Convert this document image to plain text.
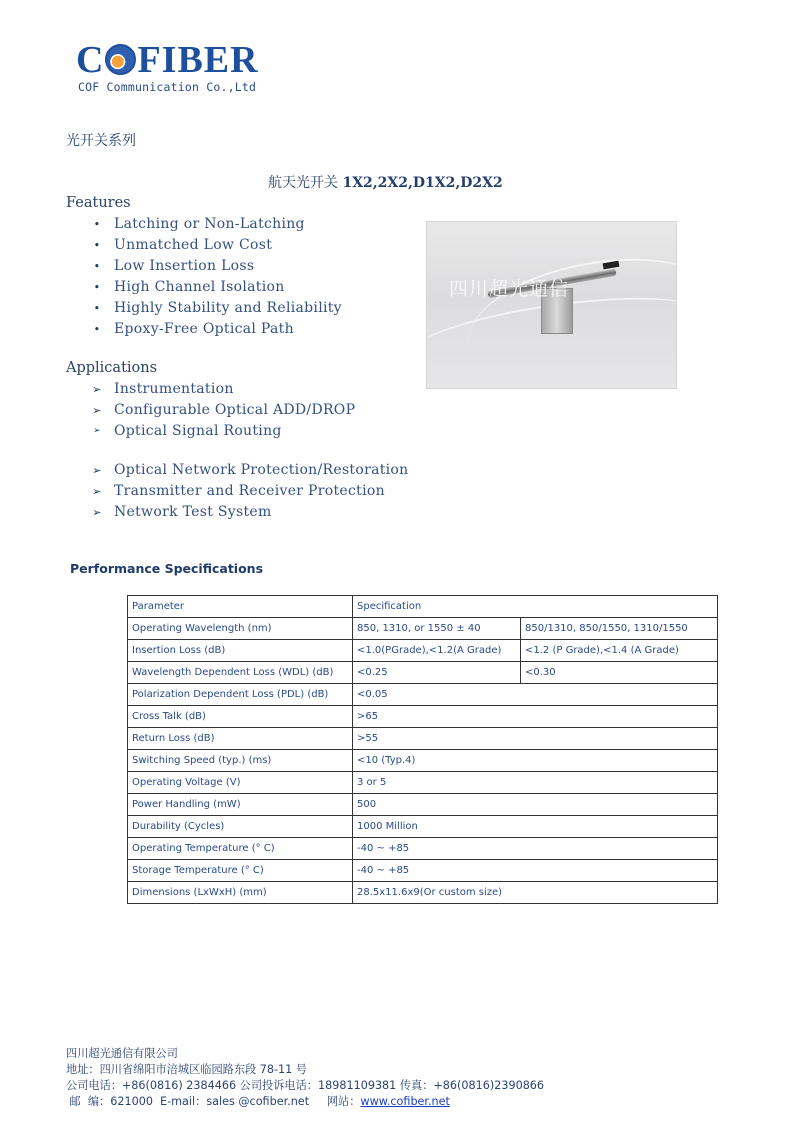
C FIBER
COF Communication Co.,Ltd
光开关系列
航天光开关 1X2,2X2,D1X2,D2X2
Features
• Latching or Non-Latching
• Unmatched Low Cost
• Low Insertion Loss
• High Channel Isolation
• Highly Stability and Reliability
• Epoxy-Free Optical Path
四川超光通信
Applications
➢ Instrumentation
➢ Configurable Optical ADD/DROP
➢ Optical Signal Routing
➢ Optical Network Protection/Restoration
➢ Transmitter and Receiver Protection
➢ Network Test System
Performance Specifications
Parameter	Specification	
Operating Wavelength (nm)	850, 1310, or 1550 ± 40	850/1310, 850/1550, 1310/1550
Insertion Loss (dB)	<1.0(PGrade),<1.2(A Grade)	<1.2 (P Grade),<1.4 (A Grade)
Wavelength Dependent Loss (WDL) (dB)	<0.25	<0.30
Polarization Dependent Loss (PDL) (dB)	<0.05	
Cross Talk (dB)	>65	
Return Loss (dB)	>55	
Switching Speed (typ.) (ms)	<10 (Typ.4)	
Operating Voltage (V)	3 or 5	
Power Handling (mW)	500	
Durability (Cycles)	1000 Million	
Operating Temperature (° C)	-40 ~ +85	
Storage Temperature (° C)	-40 ~ +85	
Dimensions (LxWxH) (mm)	28.5x11.6x9(Or custom size)	
四川超光通信有限公司
地址：四川省绵阳市涪城区临园路东段 78-11 号
公司电话：+86(0816) 2384466 公司投诉电话：18981109381 传真：+86(0816)2390866
邮  编：621000  E-mail：sales @cofiber.net     网站：www.cofiber.net
